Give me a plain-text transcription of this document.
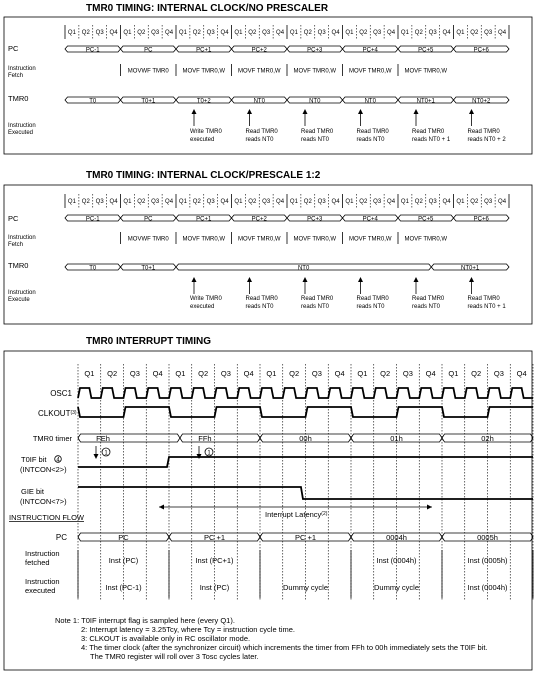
TMR0 TIMING: INTERNAL CLOCK/NO PRESCALER
PC
Instruction
Fetch
TMR0
Instruction
Executed
Q1 Q2 Q3 Q4 Q1 Q2 Q3 Q4 Q1 Q2 Q3 Q4 Q1 Q2 Q3 Q4 Q1 Q2 Q3 Q4 Q1 Q2 Q3 Q4 Q1 Q2 Q3 Q4 Q1 Q2 Q3 Q4
PC-1	PC	PC+1	PC+2	PC+3	PC+4	PC+5	PC+6
MOVWF TMR0 MOVF TMR0,W MOVF TMR0,W MOVF TMR0,W MOVF TMR0,W MOVF TMR0,W
T0	T0+1	T0+2	NT0	NT0	NT0	NT0+1	NT0+2
Write TMR0
executed
Read TMR0
reads NT0
Read TMR0
reads NT0
Read TMR0
reads NT0
Read TMR0
reads NT0 + 1
Read TMR0
reads NT0 + 2
TMR0 TIMING: INTERNAL CLOCK/PRESCALE 1:2
PC
Instruction
Fetch
TMR0
Instruction
Execute
Q1 Q2 Q3 Q4 Q1 Q2 Q3 Q4 Q1 Q2 Q3 Q4 Q1 Q2 Q3 Q4 Q1 Q2 Q3 Q4 Q1 Q2 Q3 Q4 Q1 Q2 Q3 Q4 Q1 Q2 Q3 Q4
PC-1	PC	PC+1	PC+2	PC+3	PC+4	PC+5	PC+6
MOVWF TMR0 MOVF TMR0,W MOVF TMR0,W MOVF TMR0,W MOVF TMR0,W MOVF TMR0,W
T0	T0+1	NT0	NT0+1
Write TMR0
executed
Read TMR0
reads NT0
Read TMR0
reads NT0
Read TMR0
reads NT0
Read TMR0
reads NT0
Read TMR0
reads NT0 + 1
TMR0 INTERRUPT TIMING
OSC1
CLKOUT$^{(3)}$
TMR0 timer
T0IF bit 4
(INTCON<2>)
GIE bit
(INTCON<7>)
INSTRUCTION FLOW
PC
Instruction
fetched
Instruction
executed
Q1 Q2 Q3 Q4 Q1 Q2 Q3 Q4 Q1 Q2 Q3 Q4 Q1 Q2 Q3 Q4 Q1 Q2 Q3 Q4
FEh	FFh	00h	01h	02h
1	1
PC	PC +1	PC +1	0004h	0005h
Inst (PC)
Inst (PC-1)
Inst (PC+1)
Inst (PC)	Dummy cycle
Inst (0004h)
Dummy cycle
Inst (0005h)
Inst (0004h)
Interrupt Latency$^{(2)}$
Note 1: T0IF interrupt flag is sampled here (every Q1).
2: Interrupt latency = 3.25Tcy, where Tcy = instruction cycle time.
3: CLKOUT is available only in RC oscillator mode.
4: The timer clock (after the synchronizer circuit) which increments the timer from FFh to 00h immediately sets the T0IF bit.
The TMR0 register will roll over 3 Tosc cycles later.
